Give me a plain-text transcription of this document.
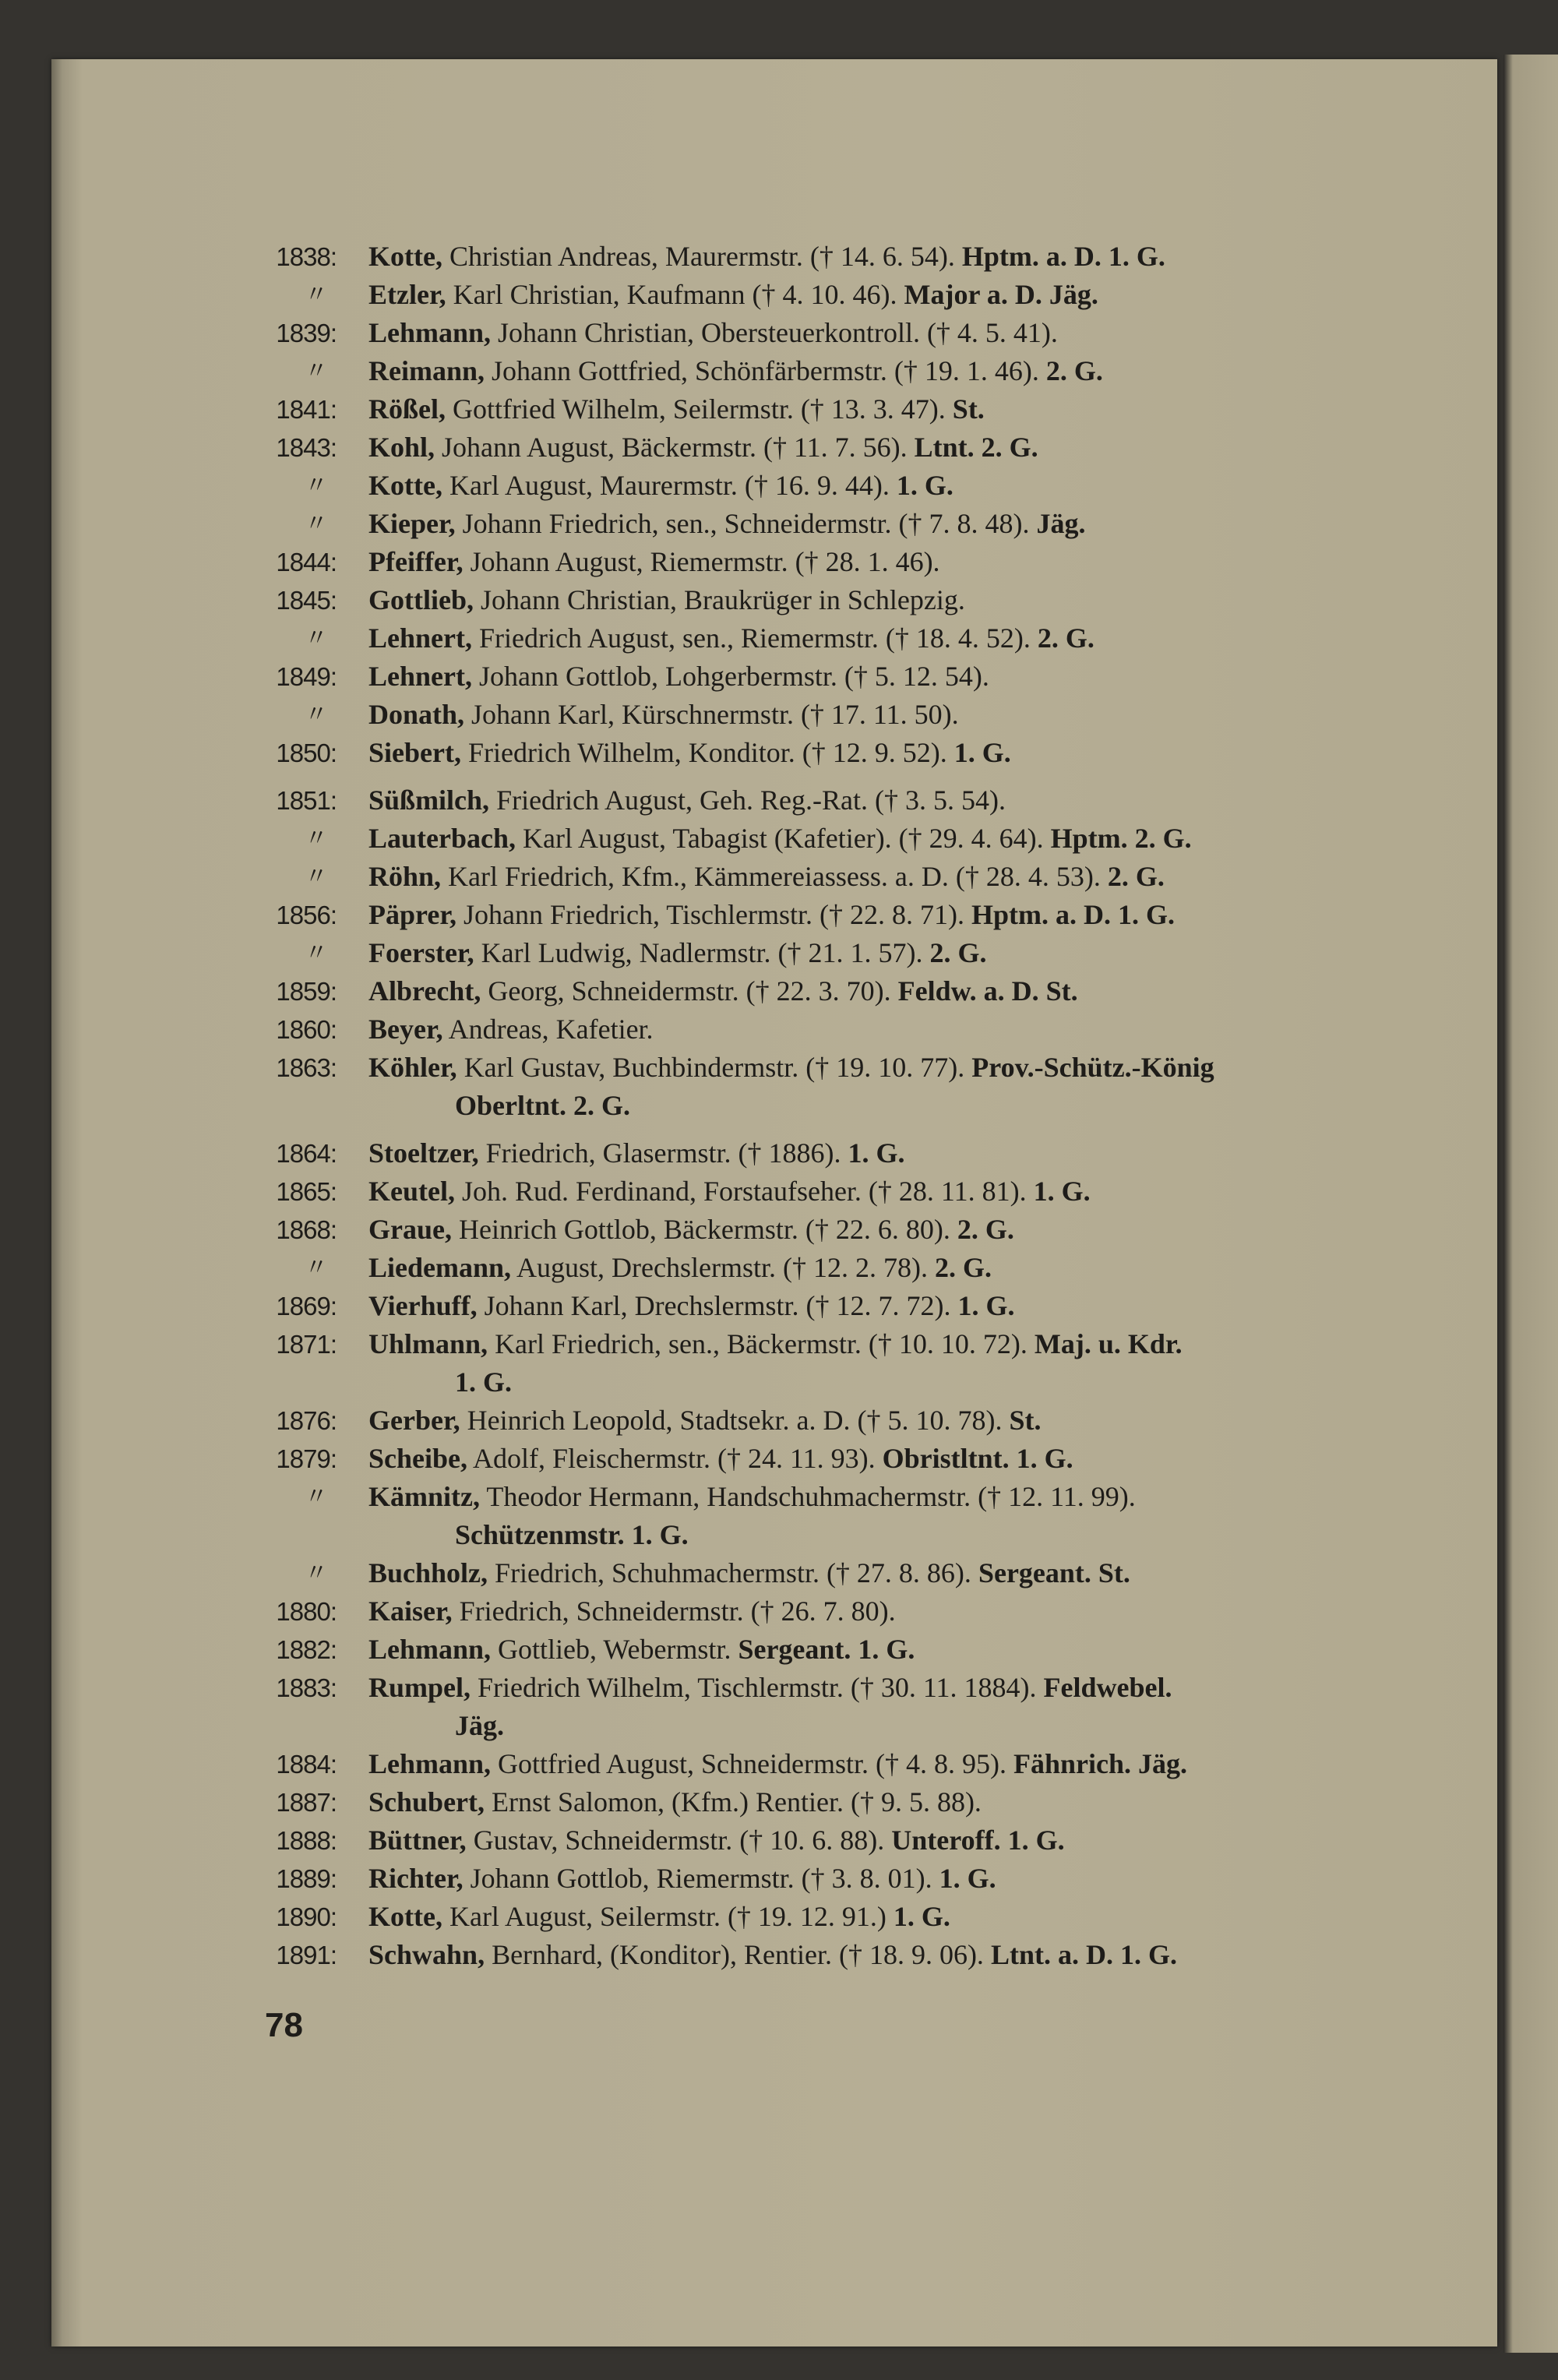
1838: Kotte, Christian Andreas, Maurermstr. († 14. 6. 54). Hptm. a. D. 1. G.
〃 Etzler, Karl Christian, Kaufmann († 4. 10. 46). Major a. D. Jäg.
1839: Lehmann, Johann Christian, Obersteuerkontroll. († 4. 5. 41).
〃 Reimann, Johann Gottfried, Schönfärbermstr. († 19. 1. 46). 2. G.
1841: Rößel, Gottfried Wilhelm, Seilermstr. († 13. 3. 47). St.
1843: Kohl, Johann August, Bäckermstr. († 11. 7. 56). Ltnt. 2. G.
〃 Kotte, Karl August, Maurermstr. († 16. 9. 44). 1. G.
〃 Kieper, Johann Friedrich, sen., Schneidermstr. († 7. 8. 48). Jäg.
1844: Pfeiffer, Johann August, Riemermstr. († 28. 1. 46).
1845: Gottlieb, Johann Christian, Braukrüger in Schlepzig.
〃 Lehnert, Friedrich August, sen., Riemermstr. († 18. 4. 52). 2. G.
1849: Lehnert, Johann Gottlob, Lohgerbermstr. († 5. 12. 54).
〃 Donath, Johann Karl, Kürschnermstr. († 17. 11. 50).
1850: Siebert, Friedrich Wilhelm, Konditor. († 12. 9. 52). 1. G.
1851: Süßmilch, Friedrich August, Geh. Reg.-Rat. († 3. 5. 54).
〃 Lauterbach, Karl August, Tabagist (Kafetier). († 29. 4. 64). Hptm. 2. G.
〃 Röhn, Karl Friedrich, Kfm., Kämmereiassess. a. D. († 28. 4. 53). 2. G.
1856: Päprer, Johann Friedrich, Tischlermstr. († 22. 8. 71). Hptm. a. D. 1. G.
〃 Foerster, Karl Ludwig, Nadlermstr. († 21. 1. 57). 2. G.
1859: Albrecht, Georg, Schneidermstr. († 22. 3. 70). Feldw. a. D. St.
1860: Beyer, Andreas, Kafetier.
1863: Köhler, Karl Gustav, Buchbindermstr. († 19. 10. 77). Prov.-Schütz.-König
Oberltnt. 2. G.
1864: Stoeltzer, Friedrich, Glasermstr. († 1886). 1. G.
1865: Keutel, Joh. Rud. Ferdinand, Forstaufseher. († 28. 11. 81). 1. G.
1868: Graue, Heinrich Gottlob, Bäckermstr. († 22. 6. 80). 2. G.
〃 Liedemann, August, Drechslermstr. († 12. 2. 78). 2. G.
1869: Vierhuff, Johann Karl, Drechslermstr. († 12. 7. 72). 1. G.
1871: Uhlmann, Karl Friedrich, sen., Bäckermstr. († 10. 10. 72). Maj. u. Kdr.
1. G.
1876: Gerber, Heinrich Leopold, Stadtsekr. a. D. († 5. 10. 78). St.
1879: Scheibe, Adolf, Fleischermstr. († 24. 11. 93). Obristltnt. 1. G.
〃 Kämnitz, Theodor Hermann, Handschuhmachermstr. († 12. 11. 99).
Schützenmstr. 1. G.
〃 Buchholz, Friedrich, Schuhmachermstr. († 27. 8. 86). Sergeant. St.
1880: Kaiser, Friedrich, Schneidermstr. († 26. 7. 80).
1882: Lehmann, Gottlieb, Webermstr. Sergeant. 1. G.
1883: Rumpel, Friedrich Wilhelm, Tischlermstr. († 30. 11. 1884). Feldwebel.
Jäg.
1884: Lehmann, Gottfried August, Schneidermstr. († 4. 8. 95). Fähnrich. Jäg.
1887: Schubert, Ernst Salomon, (Kfm.) Rentier. († 9. 5. 88).
1888: Büttner, Gustav, Schneidermstr. († 10. 6. 88). Unteroff. 1. G.
1889: Richter, Johann Gottlob, Riemermstr. († 3. 8. 01). 1. G.
1890: Kotte, Karl August, Seilermstr. († 19. 12. 91.) 1. G.
1891: Schwahn, Bernhard, (Konditor), Rentier. († 18. 9. 06). Ltnt. a. D. 1. G.
78
